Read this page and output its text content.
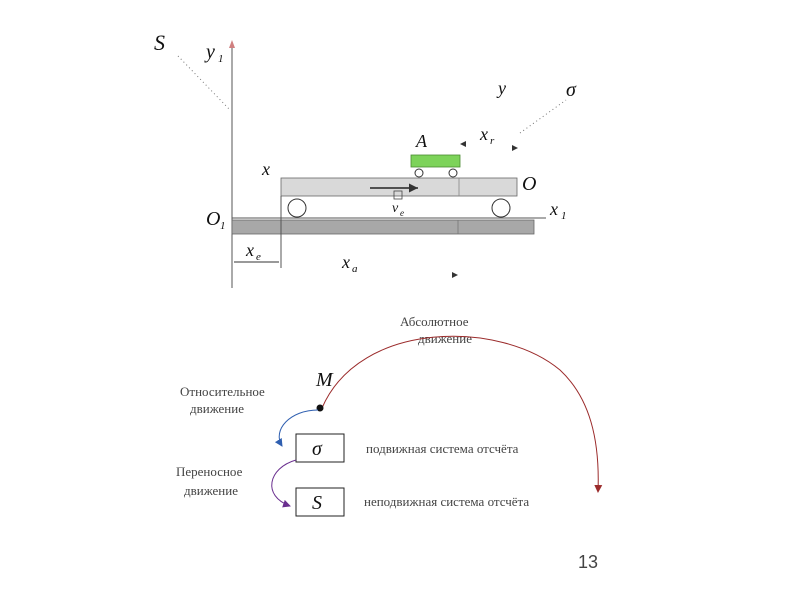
S y 1
y	σ
A	x r
v e
x
O
O 1
x 1
x e	x a
Абсолютное
движение
M
Относительное
движение
σ	подвижная система отсчёта
Переносное
движение
S	неподвижная система отсчёта
13
